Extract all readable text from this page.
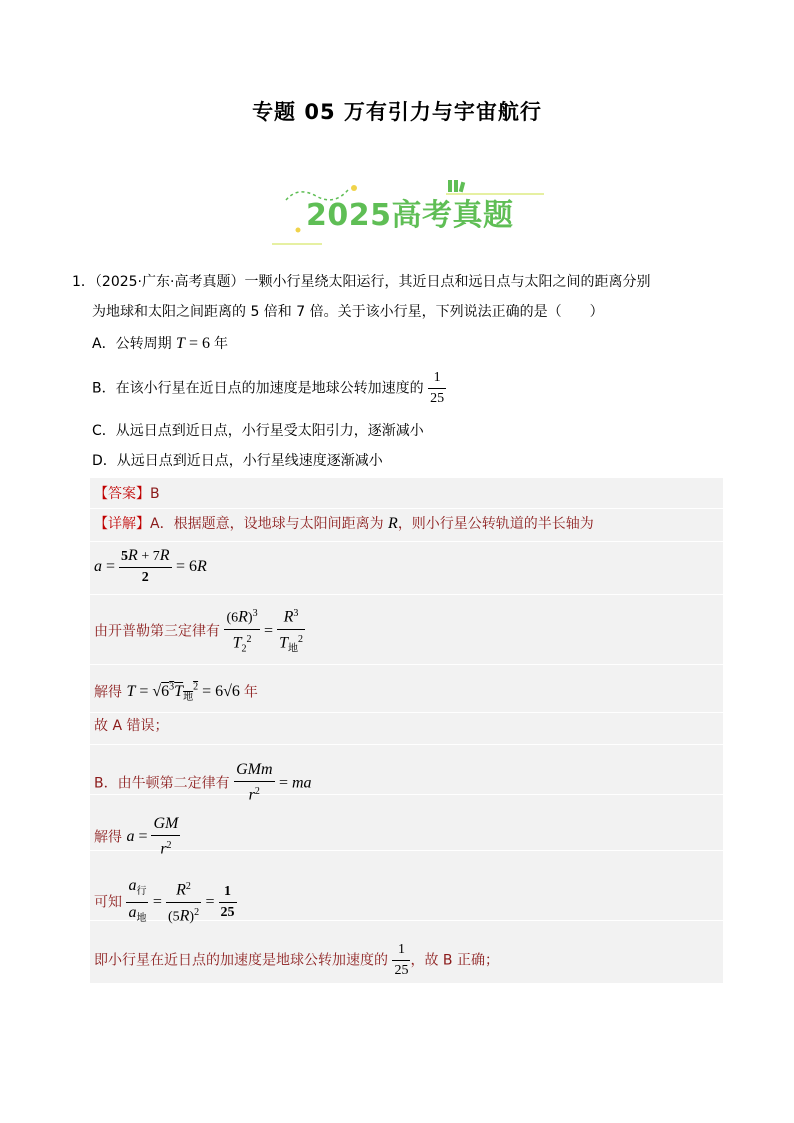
专题 05 万有引力与宇宙航行
2025高考真题
1．（2025·广东·高考真题）一颗小行星绕太阳运行，其近日点和远日点与太阳之间的距离分别
为地球和太阳之间距离的 5 倍和 7 倍。关于该小行星，下列说法正确的是（　　）
A．公转周期 T = 6 年
B．在该小行星在近日点的加速度是地球公转加速度的 $\frac{1}{25}$
C．从远日点到近日点，小行星受太阳引力，逐渐减小
D．从远日点到近日点，小行星线速度逐渐减小
【答案】B
【详解】A．根据题意，设地球与太阳间距离为 R，则小行星公转轨道的半长轴为
$a = \frac{5R + 7R}{2} = 6R$
由开普勒第三定律有 $\frac{(6R)^3}{T_2^2} = \frac{R^3}{T_地^2}$
解得 $T = √6^3T_地^2 = 6√6$ 年
故 A 错误；
B．由牛顿第二定律有 $\frac{\text{GMm}}{r^2}$ = ma
解得 $a = \frac{GM}{r^2}$
可知 $\frac{a_行}{a_地} = \frac{R^2}{(5R)^2} = \frac{1}{25}$
即小行星在近日点的加速度是地球公转加速度的 $\frac{1}{25}$ ，故 B 正确；
